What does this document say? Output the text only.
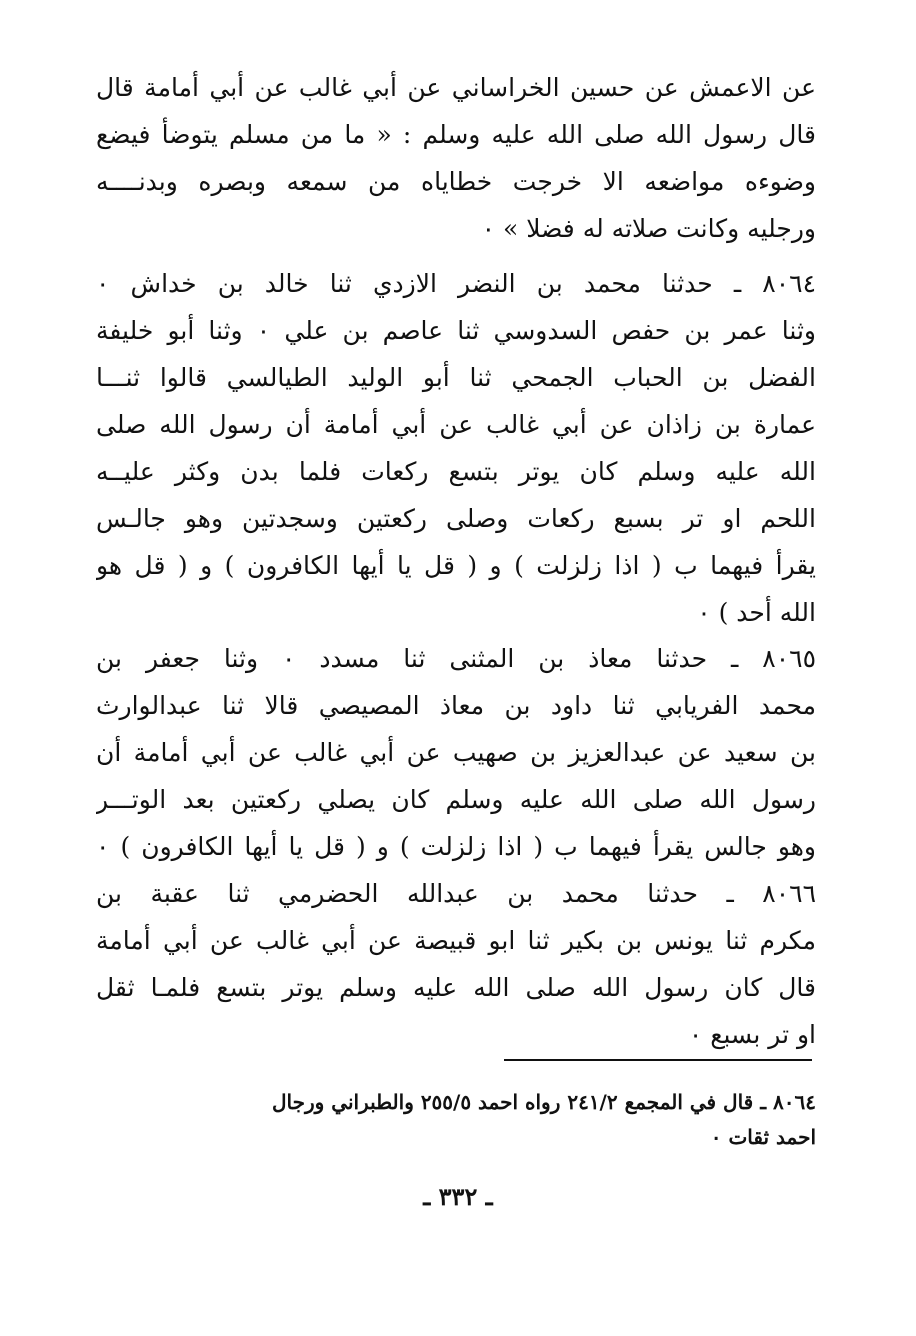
عن الاعمش عن حسين الخراساني عن أبي غالب عن أبي أمامة قال
قال رسول الله صلى الله عليه وسلم : « ما من مسلم يتوضأ فيضع
وضوءه مواضعه الا خرجت خطاياه من سمعه وبصره وبدنــــه
ورجليه وكانت صلاته له فضلا » ٠
٨٠٦٤ ـ حدثنا محمد بن النضر الازدي ثنا خالد بن خداش ٠
وثنا عمر بن حفص السدوسي ثنا عاصم بن علي ٠ وثنا أبو خليفة
الفضل بن الحباب الجمحي ثنا أبو الوليد الطيالسي قالوا ثنـــا
عمارة بن زاذان عن أبي غالب عن أبي أمامة أن رسول الله صلى
الله عليه وسلم كان يوتر بتسع ركعات فلما بدن وكثر عليــه
اللحم او تر بسبع ركعات وصلى ركعتين وسجدتين وهو جالـس
يقرأ فيهما ب ( اذا زلزلت ) و ( قل يا أيها الكافرون ) و ( قل هو
الله أحد ) ٠
٨٠٦٥ ـ حدثنا معاذ بن المثنى ثنا مسدد ٠ وثنا جعفر بن
محمد الفريابي ثنا داود بن معاذ المصيصي قالا ثنا عبدالوارث
بن سعيد عن عبدالعزيز بن صهيب عن أبي غالب عن أبي أمامة أن
رسول الله صلى الله عليه وسلم كان يصلي ركعتين بعد الوتـــر
وهو جالس يقرأ فيهما ب ( اذا زلزلت ) و ( قل يا أيها الكافرون ) ٠
٨٠٦٦ ـ حدثنا محمد بن عبدالله الحضرمي ثنا عقبة بن
مكرم ثنا يونس بن بكير ثنا ابو قبيصة عن أبي غالب عن أبي أمامة
قال كان رسول الله صلى الله عليه وسلم يوتر بتسع فلمـا ثقل
او تر بسبع ٠
٨٠٦٤ ـ قال في المجمع ٢٤١/٢ رواه احمد ٢٥٥/٥ والطبراني ورجال
احمد ثقات ٠
ـ ٣٣٢ ـ
